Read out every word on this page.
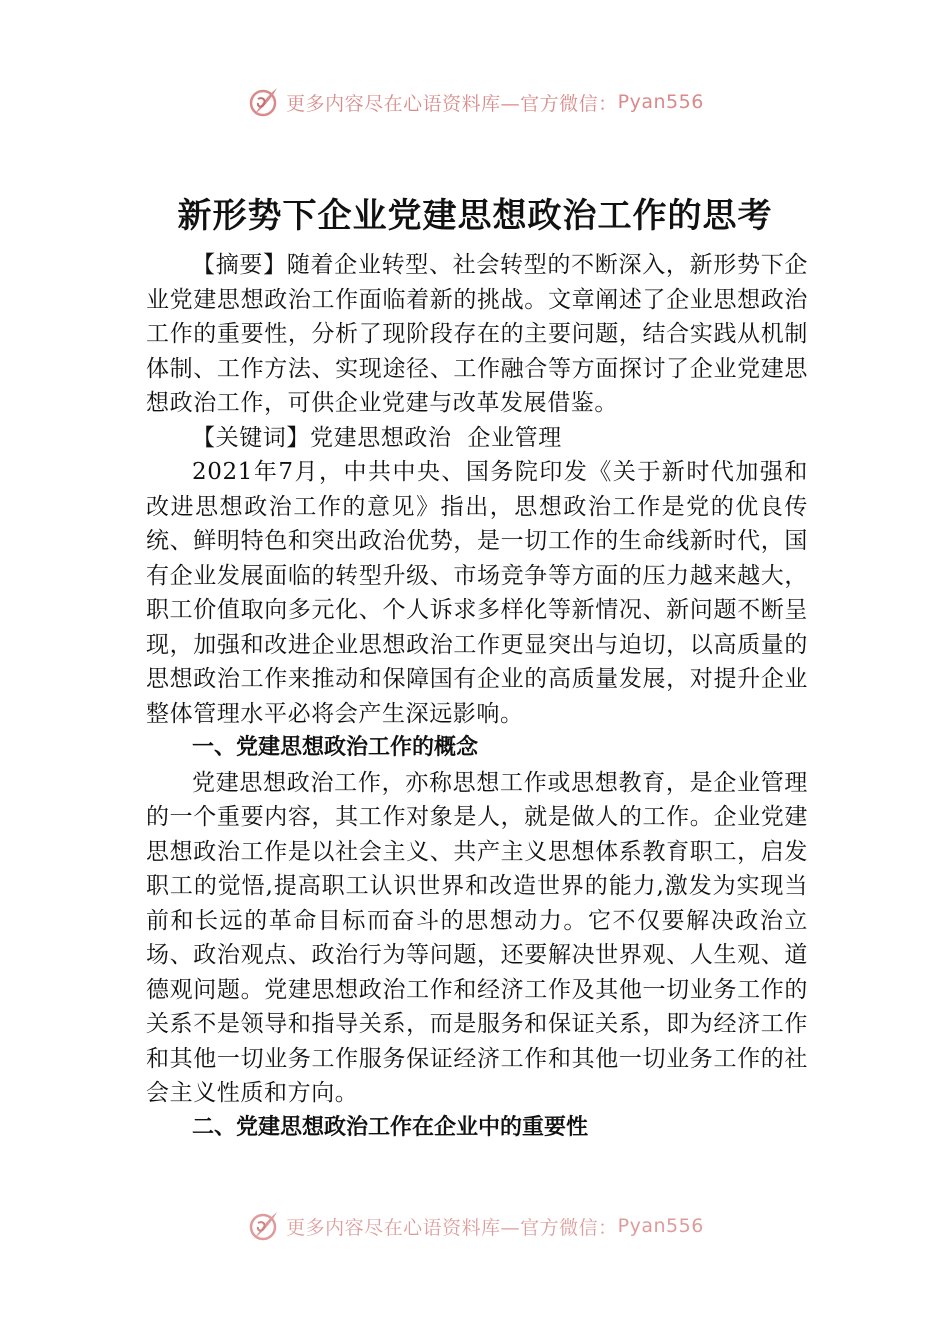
更多内容尽在心语资料库—官方微信： Pyan556
新形势下企业党建思想政治工作的思考

【摘要】随着企业转型、社会转型的不断深入，新形势下企业党建思想政治工作面临着新的挑战。文章阐述了企业思想政治工作的重要性，分析了现阶段存在的主要问题，结合实践从机制体制、工作方法、实现途径、工作融合等方面探讨了企业党建思想政治工作，可供企业党建与改革发展借鉴。

【关键词】党建思想政治  企业管理

2021年7月，中共中央、国务院印发《关于新时代加强和改进思想政治工作的意见》指出，思想政治工作是党的优良传统、鲜明特色和突出政治优势，是一切工作的生命线新时代，国有企业发展面临的转型升级、市场竞争等方面的压力越来越大，职工价值取向多元化、个人诉求多样化等新情况、新问题不断呈现，加强和改进企业思想政治工作更显突出与迫切，以高质量的思想政治工作来推动和保障国有企业的高质量发展，对提升企业整体管理水平必将会产生深远影响。

一、党建思想政治工作的概念

党建思想政治工作，亦称思想工作或思想教育，是企业管理的一个重要内容，其工作对象是人，就是做人的工作。企业党建思想政治工作是以社会主义、共产主义思想体系教育职工，启发职工的觉悟,提高职工认识世界和改造世界的能力,激发为实现当前和长远的革命目标而奋斗的思想动力。它不仅要解决政治立场、政治观点、政治行为等问题，还要解决世界观、人生观、道德观问题。党建思想政治工作和经济工作及其他一切业务工作的关系不是领导和指导关系，而是服务和保证关系，即为经济工作和其他一切业务工作服务保证经济工作和其他一切业务工作的社会主义性质和方向。

二、党建思想政治工作在企业中的重要性

更多内容尽在心语资料库—官方微信： Pyan556
